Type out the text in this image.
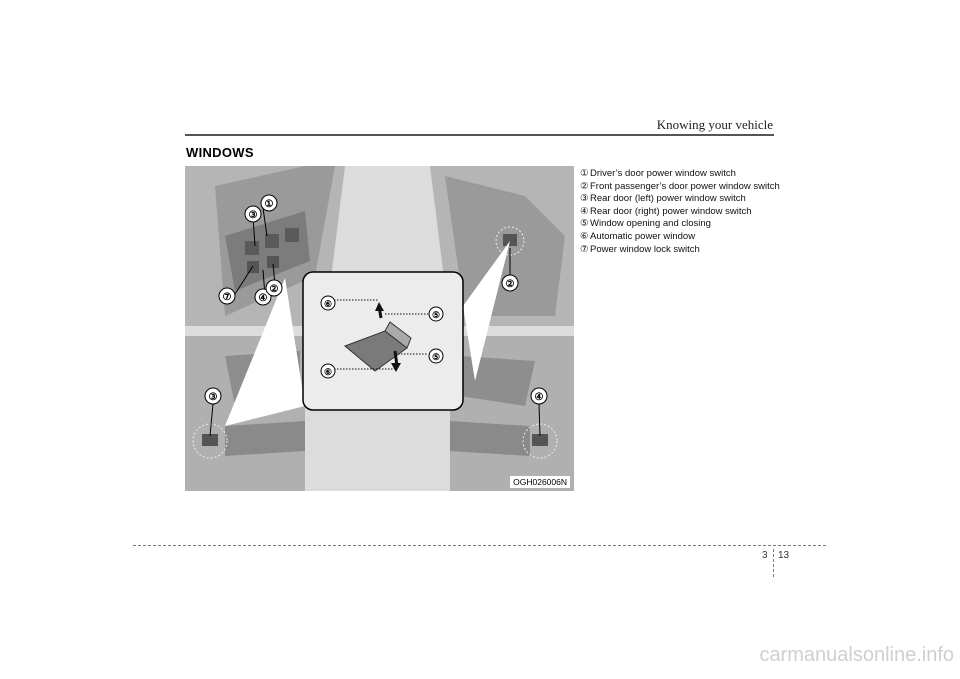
Knowing your vehicle
WINDOWS
①
③
⑦	④
②	②
③	④
⑥
⑤
⑤
⑥
OGH026006N
① Driver’s door power window switch
② Front passenger’s door power window switch
③ Rear door (left) power window switch
④ Rear door (right) power window switch
⑤ Window opening and closing
⑥ Automatic power window
⑦ Power window lock switch
3 13
carmanualsonline.info
